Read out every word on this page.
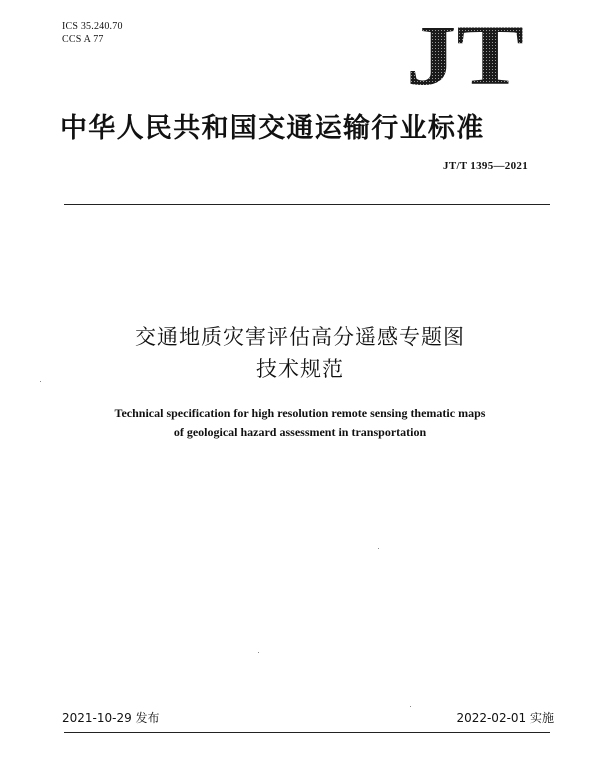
ICS 35.240.70
CCS A 77	JT
中华人民共和国交通运输行业标准
JT/T 1395—2021
交通地质灾害评估高分遥感专题图
技术规范
Technical specification for high resolution remote sensing thematic maps
of geological hazard assessment in transportation
2021-10-29 发布	2022-02-01 实施
